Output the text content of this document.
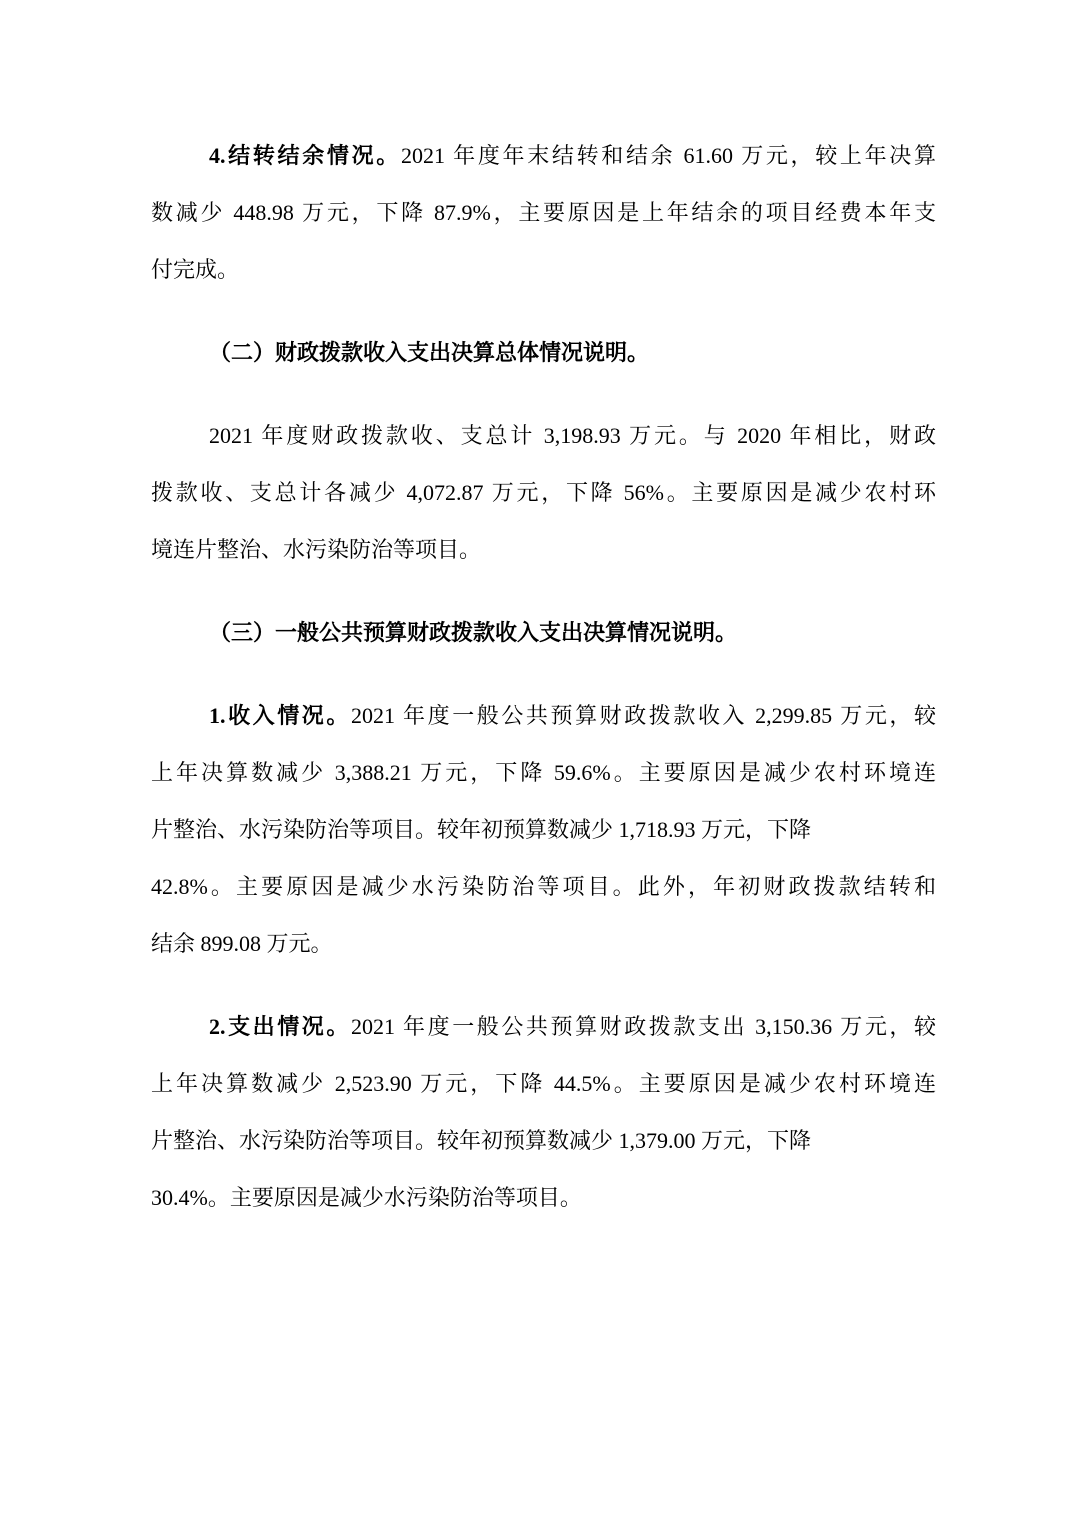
4.结转结余情况。2021 年度年末结转和结余 61.60 万元，较上年决算
数减少 448.98 万元，下降 87.9%，主要原因是上年结余的项目经费本年支
付完成。
（二）财政拨款收入支出决算总体情况说明。
2021 年度财政拨款收、支总计 3,198.93 万元。与 2020 年相比，财政
拨款收、支总计各减少 4,072.87 万元，下降 56%。主要原因是减少农村环
境连片整治、水污染防治等项目。
（三）一般公共预算财政拨款收入支出决算情况说明。
1.收入情况。2021 年度一般公共预算财政拨款收入 2,299.85 万元，较
上年决算数减少 3,388.21 万元，下降 59.6%。主要原因是减少农村环境连
片整治、水污染防治等项目。较年初预算数减少 1,718.93 万元，下降
42.8%。主要原因是减少水污染防治等项目。此外，年初财政拨款结转和
结余 899.08 万元。
2.支出情况。2021 年度一般公共预算财政拨款支出 3,150.36 万元，较
上年决算数减少 2,523.90 万元，下降 44.5%。主要原因是减少农村环境连
片整治、水污染防治等项目。较年初预算数减少 1,379.00 万元，下降
30.4%。主要原因是减少水污染防治等项目。
